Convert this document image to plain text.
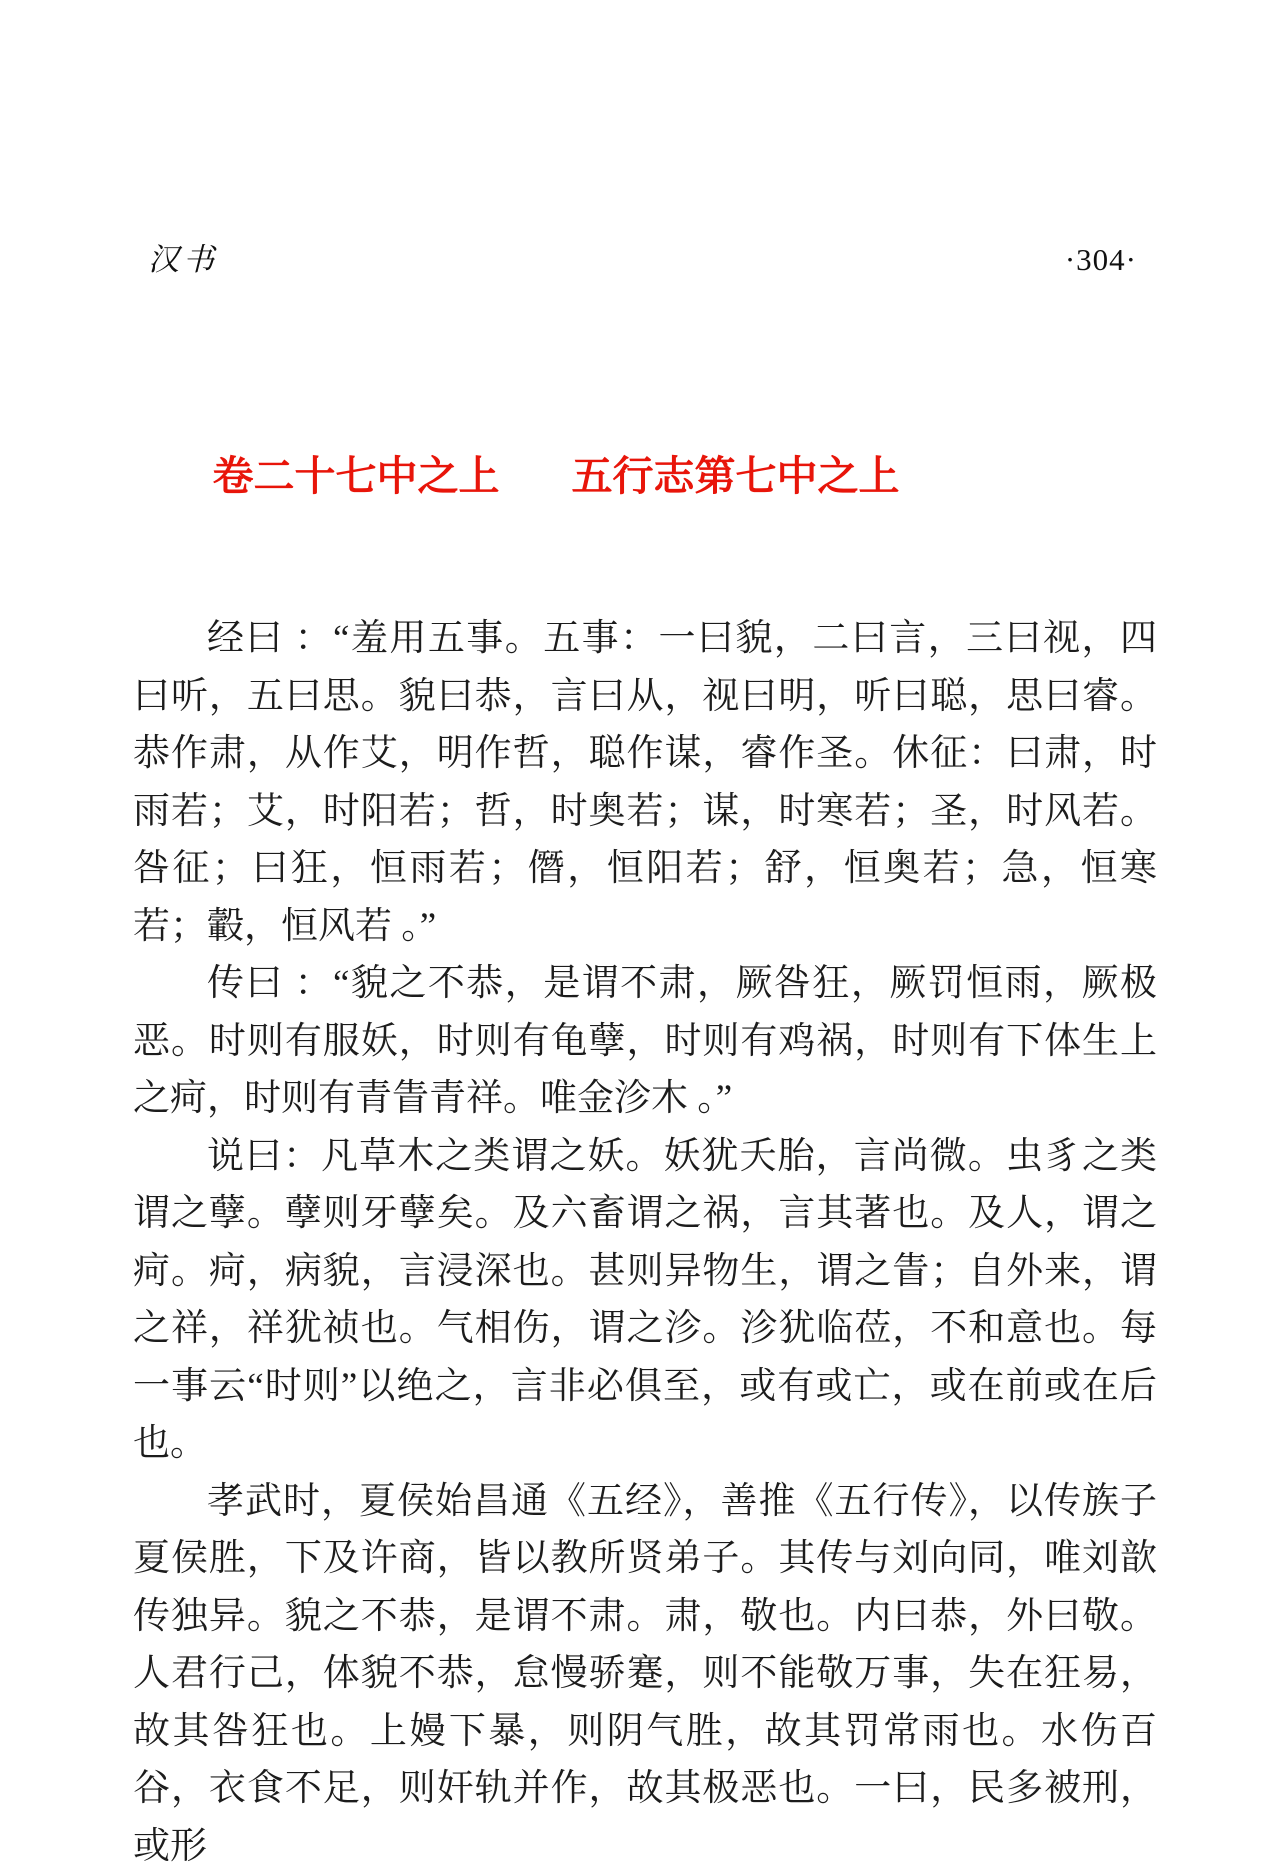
汉书	·304·
卷二十七中之上 五行志第七中之上

经曰 ：“羞用五事。五事：一曰貌，二曰言，三曰视，四曰听，五曰思。貌曰恭，言曰从，视曰明，听曰聪，思曰睿。恭作肃，从作艾，明作哲，聪作谋，睿作圣。休征：曰肃，时雨若；艾，时阳若；哲，时奥若；谋，时寒若；圣，时风若。咎征；曰狂，恒雨若；僭，恒阳若；舒，恒奥若；急，恒寒若；轂，恒风若 。”

传曰 ：“貌之不恭，是谓不肃，厥咎狂，厥罚恒雨，厥极恶。时则有服妖，时则有龟孽，时则有鸡祸，时则有下体生上之疴，时则有青眚青祥。唯金沴木 。”

说曰：凡草木之类谓之妖。妖犹夭胎，言尚微。虫豸之类谓之孽。孽则牙孽矣。及六畜谓之祸，言其著也。及人，谓之疴。疴，病貌，言浸深也。甚则异物生，谓之眚；自外来，谓之祥，祥犹祯也。气相伤，谓之沴。沴犹临莅，不和意也。每一事云“时则”以绝之，言非必俱至，或有或亡，或在前或在后也。

孝武时，夏侯始昌通《五经》，善推《五行传》，以传族子夏侯胜，下及许商，皆以教所贤弟子。其传与刘向同，唯刘歆传独异。貌之不恭，是谓不肃。肃，敬也。内曰恭，外曰敬。人君行己，体貌不恭，怠慢骄蹇，则不能敬万事，失在狂易，故其咎狂也。上嫚下暴，则阴气胜，故其罚常雨也。水伤百谷，衣食不足，则奸轨并作，故其极恶也。一曰，民多被刑，或形
